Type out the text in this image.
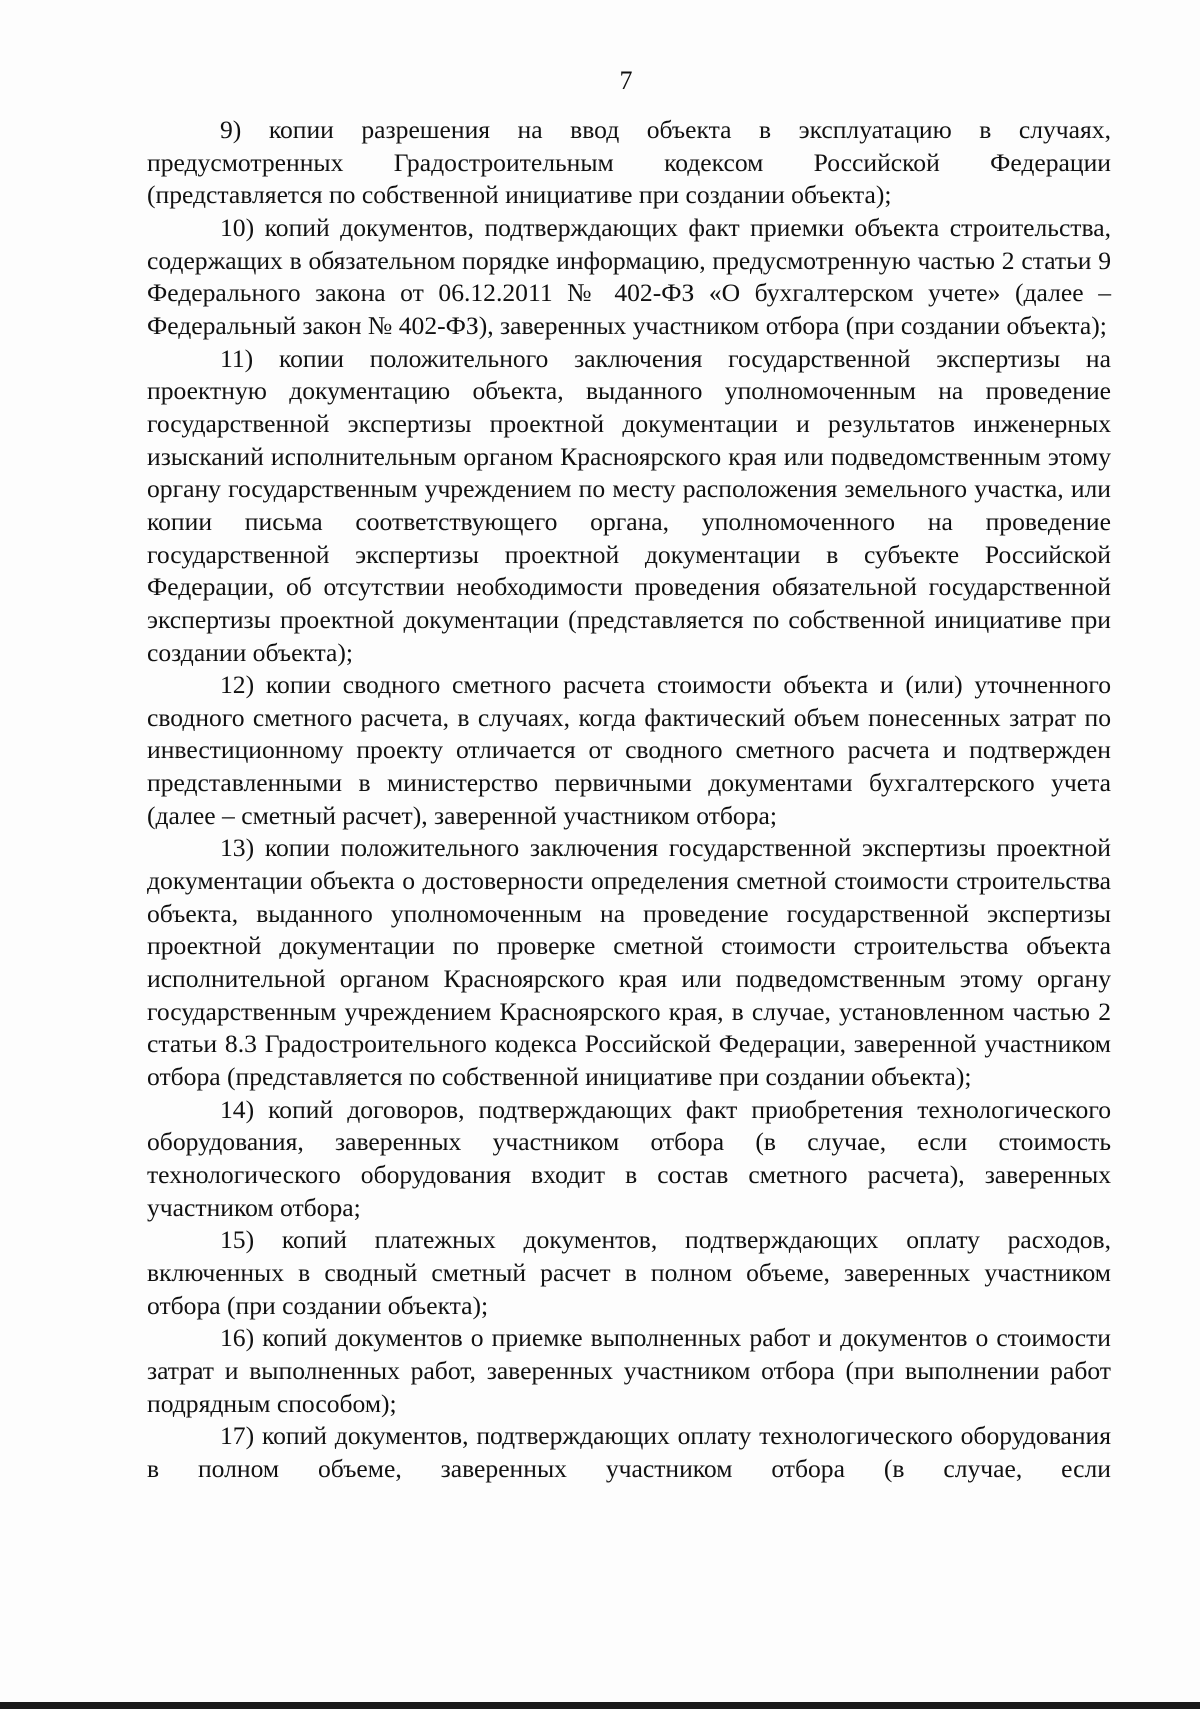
7

9) копии разрешения на ввод объекта в эксплуатацию в случаях, предусмотренных Градостроительным кодексом Российской Федерации (представляется по собственной инициативе при создании объекта);

10) копий документов, подтверждающих факт приемки объекта строительства, содержащих в обязательном порядке информацию, предусмотренную частью 2 статьи 9 Федерального закона от 06.12.2011 № 402-ФЗ «О бухгалтерском учете» (далее – Федеральный закон № 402-ФЗ), заверенных участником отбора (при создании объекта);

11) копии положительного заключения государственной экспертизы на проектную документацию объекта, выданного уполномоченным на проведение государственной экспертизы проектной документации и результатов инженерных изысканий исполнительным органом Красноярского края или подведомственным этому органу государственным учреждением по месту расположения земельного участка, или копии письма соответствующего органа, уполномоченного на проведение государственной экспертизы проектной документации в субъекте Российской Федерации, об отсутствии необходимости проведения обязательной государственной экспертизы проектной документации (представляется по собственной инициативе при создании объекта);

12) копии сводного сметного расчета стоимости объекта и (или) уточненного сводного сметного расчета, в случаях, когда фактический объем понесенных затрат по инвестиционному проекту отличается от сводного сметного расчета и подтвержден представленными в министерство первичными документами бухгалтерского учета (далее – сметный расчет), заверенной участником отбора;

13) копии положительного заключения государственной экспертизы проектной документации объекта о достоверности определения сметной стоимости строительства объекта, выданного уполномоченным на проведение государственной экспертизы проектной документации по проверке сметной стоимости строительства объекта исполнительной органом Красноярского края или подведомственным этому органу государственным учреждением Красноярского края, в случае, установленном частью 2 статьи 8.3 Градостроительного кодекса Российской Федерации, заверенной участником отбора (представляется по собственной инициативе при создании объекта);

14) копий договоров, подтверждающих факт приобретения технологического оборудования, заверенных участником отбора (в случае, если стоимость технологического оборудования входит в состав сметного расчета), заверенных участником отбора;

15) копий платежных документов, подтверждающих оплату расходов, включенных в сводный сметный расчет в полном объеме, заверенных участником отбора (при создании объекта);

16) копий документов о приемке выполненных работ и документов о стоимости затрат и выполненных работ, заверенных участником отбора (при выполнении работ подрядным способом);

17) копий документов, подтверждающих оплату технологического оборудования в полном объеме, заверенных участником отбора (в случае, если
